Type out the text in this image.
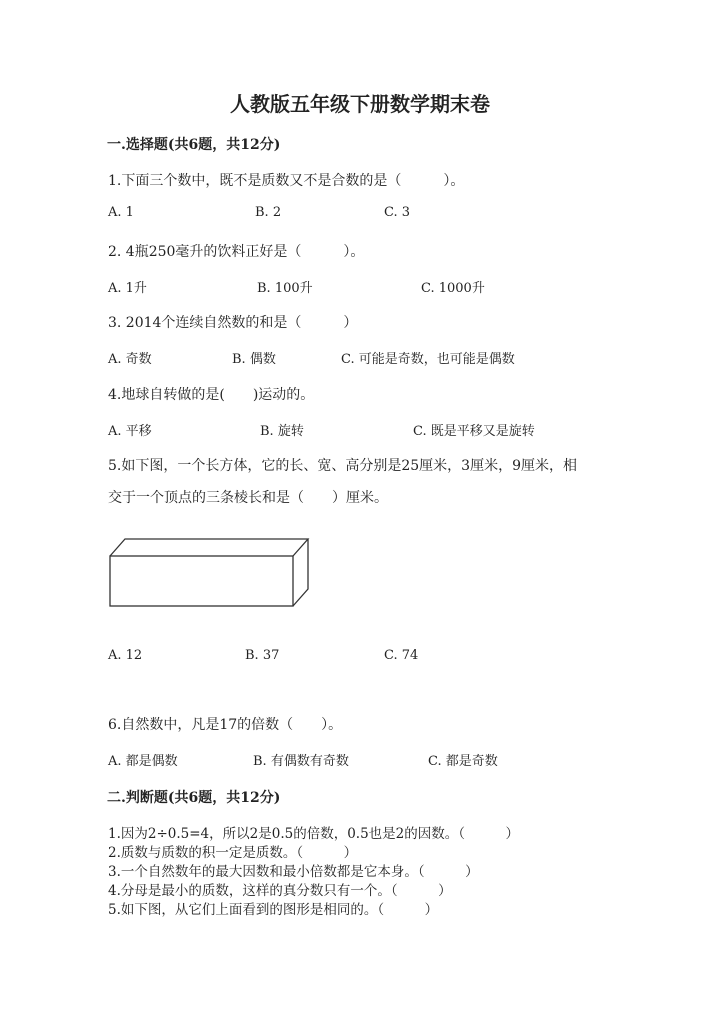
人教版五年级下册数学期末卷
一.选择题(共6题，共12分)
1.下面三个数中，既不是质数又不是合数的是（　　　）。
A. 1	B. 2	C. 3
2. 4瓶250毫升的饮料正好是（　　　）。
A. 1升	B. 100升	C. 1000升
3. 2014个连续自然数的和是（　　　）
A. 奇数	B. 偶数	C. 可能是奇数，也可能是偶数
4.地球自转做的是(　　)运动的。
A. 平移	B. 旋转	C. 既是平移又是旋转
5.如下图，一个长方体，它的长、宽、高分别是25厘米，3厘米，9厘米，相
交于一个顶点的三条棱长和是（　　）厘米。
A. 12	B. 37	C. 74
6.自然数中，凡是17的倍数（　　）。
A. 都是偶数	B. 有偶数有奇数	C. 都是奇数
二.判断题(共6题，共12分)
1.因为2÷0.5=4，所以2是0.5的倍数，0.5也是2的因数。（　　　）
2.质数与质数的积一定是质数。（　　　）
3.一个自然数年的最大因数和最小倍数都是它本身。（　　　）
4.分母是最小的质数，这样的真分数只有一个。（　　　）
5.如下图，从它们上面看到的图形是相同的。（　　　）
